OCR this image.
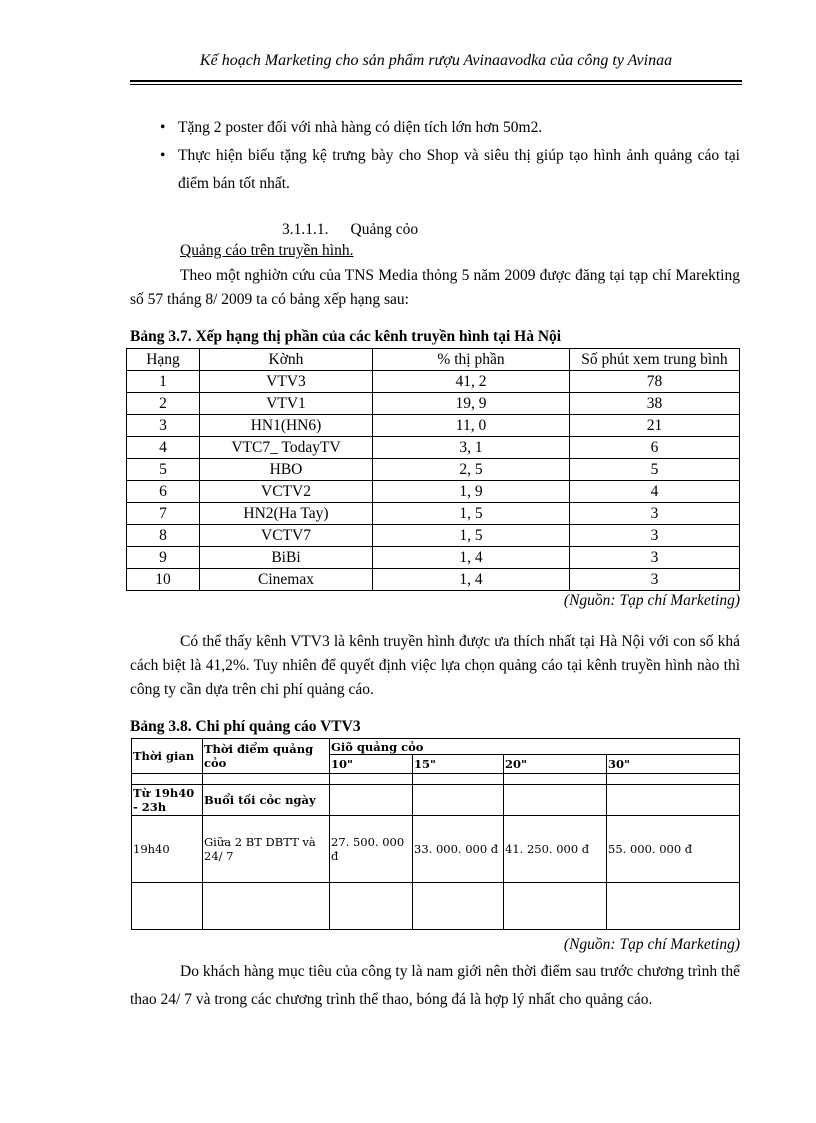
Kế hoạch Marketing cho sản phẩm rượu Avinaavodka của công ty Avinaa
• Tặng 2 poster đối với nhà hàng có diện tích lớn hơn 50m2.
• Thực hiện biếu tặng kệ trưng bày cho Shop và siêu thị giúp tạo hình ảnh quảng cáo tại điểm bán tốt nhất.
3.1.1.1. Quảng cỏo
Quảng cáo trên truyền hình.

Theo một nghiờn cứu của TNS Media thỏng 5 năm 2009 được đăng tại tạp chí Marekting số 57 tháng 8/ 2009 ta có bảng xếp hạng sau:

Bảng 3.7. Xếp hạng thị phần của các kênh truyền hình tại Hà Nội
Hạng	Kờnh	% thị phần	Số phút xem trung bình
1	VTV3	41, 2	78
2	VTV1	19, 9	38
3	HN1(HN6)	11, 0	21
4	VTC7_ TodayTV	3, 1	6
5	HBO	2, 5	5
6	VCTV2	1, 9	4
7	HN2(Ha Tay)	1, 5	3
8	VCTV7	1, 5	3
9	BiBi	1, 4	3
10	Cinemax	1, 4	3
(Nguồn: Tạp chí Marketing)

Có thể thấy kênh VTV3 là kênh truyền hình được ưa thích nhất tại Hà Nội với con số khá cách biệt là 41,2%. Tuy nhiên để quyết định việc lựa chọn quảng cáo tại kênh truyền hình nào thì công ty cần dựa trên chi phí quảng cáo.

Bảng 3.8. Chi phí quảng cáo VTV3
Thời gian	Thời điểm quảng cỏo	Giõ quảng cỏo			
		10"	15"	20"	30"

Từ 19h40 - 23h	Buổi tối cỏc ngày				
19h40	Giữa 2 BT DBTT và 24/ 7	27. 500. 000 đ	33. 000. 000 đ	41. 250. 000 đ	55. 000. 000 đ

(Nguồn: Tạp chí Marketing)

Do khách hàng mục tiêu của công ty là nam giới nên thời điểm sau trước chương trình thể thao 24/ 7 và trong các chương trình thể thao, bóng đá là hợp lý nhất cho quảng cáo.
